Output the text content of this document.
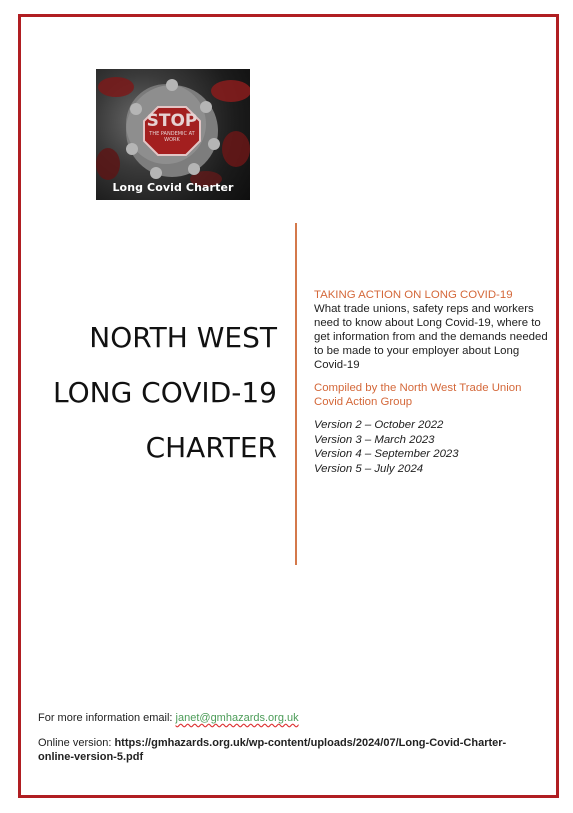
STOP
THE PANDEMIC AT WORK
Long Covid Charter
NORTH WEST
LONG COVID-19
CHARTER
TAKING ACTION ON LONG COVID-19
What trade unions, safety reps and workers need to know about Long Covid-19, where to get information from and the demands needed to be made to your employer about Long Covid-19
Compiled by the North West Trade Union Covid Action Group
Version 2 – October 2022
Version 3 – March 2023
Version 4 – September 2023
Version 5 – July 2024
For more information email: janet@gmhazards.org.uk
Online version: https://gmhazards.org.uk/wp-content/uploads/2024/07/Long-Covid-Charter-online-version-5.pdf
